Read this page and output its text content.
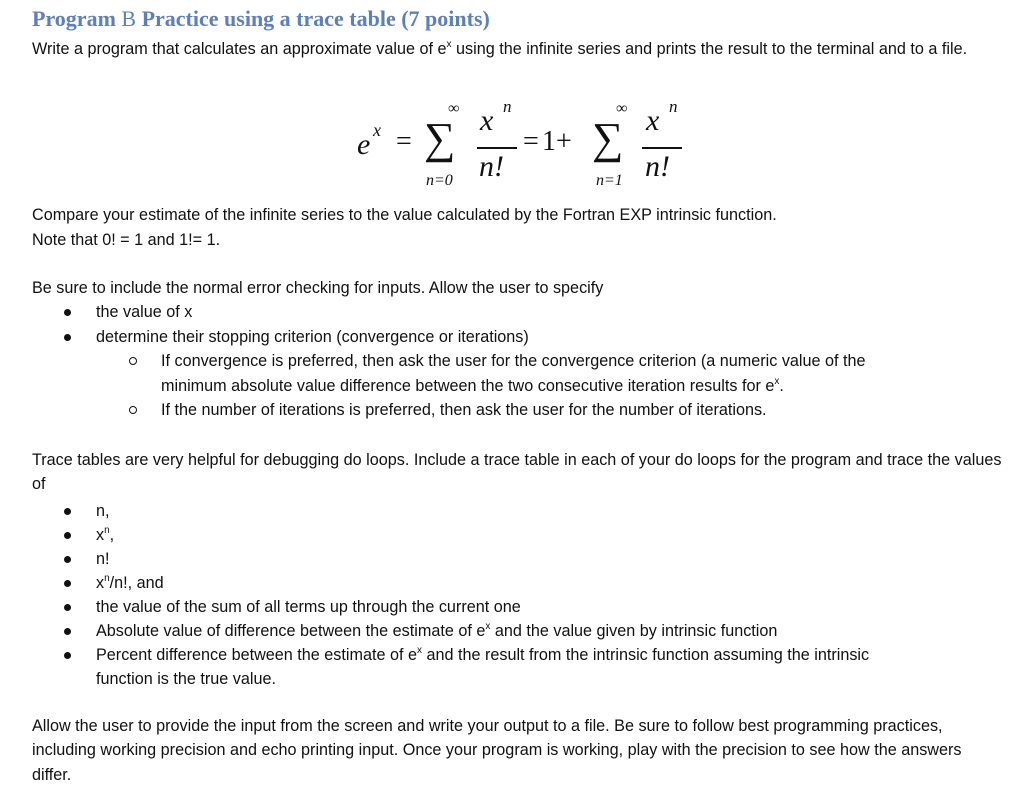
Program B Practice using a trace table (7 points)

Write a program that calculates an approximate value of $e^x$ using the infinite series and prints the result to the terminal and to a file.

e x =
∞
∑
n=0
x n
n!
= 1+
∞
∑
n=1
x n
n!
Compare your estimate of the infinite series to the value calculated by the Fortran EXP intrinsic function.
Note that 0! = 1 and 1!= 1.
Be sure to include the normal error checking for inputs. Allow the user to specify
the value of x
determine their stopping criterion (convergence or iterations)
If convergence is preferred, then ask the user for the convergence criterion (a numeric value of the
minimum absolute value difference between the two consecutive iteration results for $e^x$.
If the number of iterations is preferred, then ask the user for the number of iterations.

Trace tables are very helpful for debugging do loops. Include a trace table in each of your do loops for the program and trace the values of

n,
$x^n$,
n!
$x^n/n$!, and
the value of the sum of all terms up through the current one
Absolute value of difference between the estimate of $e^x$ and the value given by intrinsic function
Percent difference between the estimate of $e^x$ and the result from the intrinsic function assuming the intrinsic
function is the true value.

Allow the user to provide the input from the screen and write your output to a file. Be sure to follow best programming practices, including working precision and echo printing input. Once your program is working, play with the precision to see how the answers differ.
